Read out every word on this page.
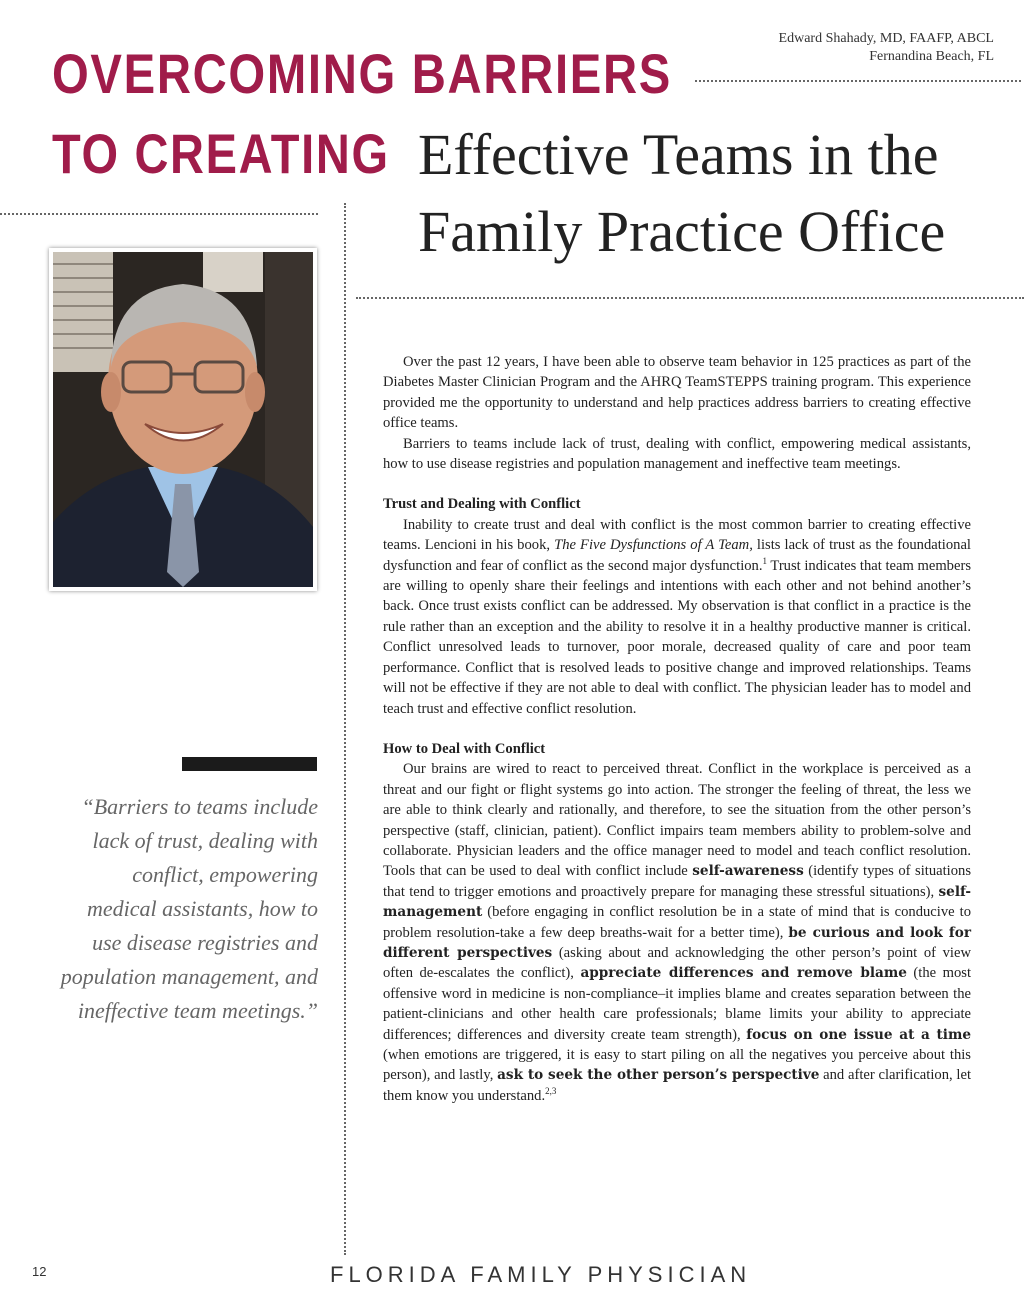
Edward Shahady, MD, FAAFP, ABCL
Fernandina Beach, FL
OVERCOMING BARRIERS
TO CREATING Effective Teams in the
Family Practice Office
“Barriers to teams include lack of trust, dealing with conflict, empowering medical assistants, how to use disease registries and population management, and ineffective team meetings.”

Over the past 12 years, I have been able to observe team behavior in 125 practices as part of the Diabetes Master Clinician Program and the AHRQ TeamSTEPPS training program. This experience provided me the opportunity to understand and help practices address barriers to creating effective office teams.

Barriers to teams include lack of trust, dealing with conflict, empowering medical assistants, how to use disease registries and population management and ineffective team meetings.

Trust and Dealing with Conflict

Inability to create trust and deal with conflict is the most common barrier to creating effective teams. Lencioni in his book, The Five Dysfunctions of A Team, lists lack of trust as the foundational dysfunction and fear of conflict as the second major dysfunction.$^1$ Trust indicates that team members are willing to openly share their feelings and intentions with each other and not behind another’s back. Once trust exists conflict can be addressed. My observation is that conflict in a practice is the rule rather than an exception and the ability to resolve it in a healthy productive manner is critical. Conflict unresolved leads to turnover, poor morale, decreased quality of care and poor team performance. Conflict that is resolved leads to positive change and improved relationships. Teams will not be effective if they are not able to deal with conflict. The physician leader has to model and teach trust and effective conflict resolution.

How to Deal with Conflict

Our brains are wired to react to perceived threat. Conflict in the workplace is perceived as a threat and our fight or flight systems go into action. The stronger the feeling of threat, the less we are able to think clearly and rationally, and therefore, to see the situation from the other person’s perspective (staff, clinician, patient). Conflict impairs team members ability to problem-solve and collaborate. Physician leaders and the office manager need to model and teach conflict resolution. Tools that can be used to deal with conflict include self-awareness (identify types of situations that tend to trigger emotions and proactively prepare for managing these stressful situations), self-management (before engaging in conflict resolution be in a state of mind that is conducive to problem resolution-take a few deep breaths-wait for a better time), be curious and look for different perspectives (asking about and acknowledging the other person’s point of view often de-escalates the conflict), appreciate differences and remove blame (the most offensive word in medicine is non-compliance–it implies blame and creates separation between the patient-clinicians and other health care professionals; blame limits your ability to appreciate differences; differences and diversity create team strength), focus on one issue at a time (when emotions are triggered, it is easy to start piling on all the negatives you perceive about this person), and lastly, ask to seek the other person’s perspective and after clarification, let them know you understand.$^{2,3}$

12	FLORIDA FAMILY PHYSICIAN
